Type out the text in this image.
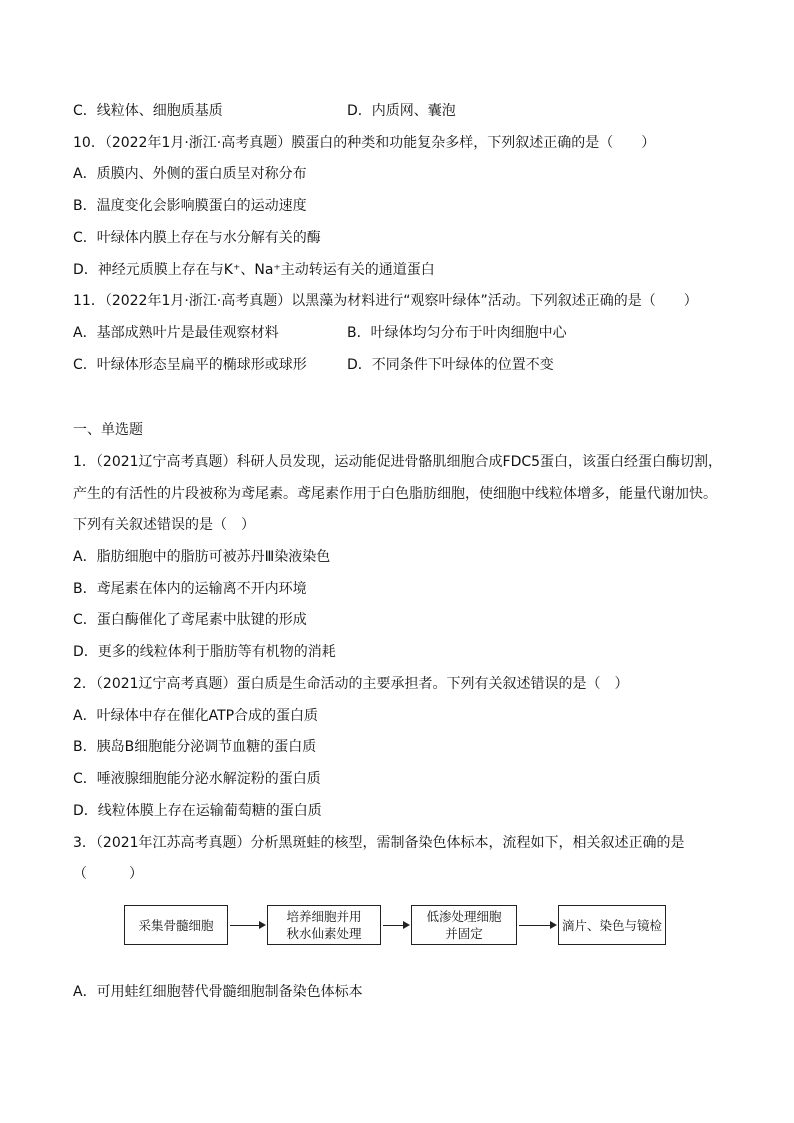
C．线粒体、细胞质基质	D．内质网、囊泡
10．（2022年1月·浙江·高考真题）膜蛋白的种类和功能复杂多样，下列叙述正确的是（　　）
A．质膜内、外侧的蛋白质呈对称分布
B．温度变化会影响膜蛋白的运动速度
C．叶绿体内膜上存在与水分解有关的酶
D．神经元质膜上存在与K⁺、Na⁺主动转运有关的通道蛋白
11．（2022年1月·浙江·高考真题）以黑藻为材料进行“观察叶绿体”活动。下列叙述正确的是（　　）
A．基部成熟叶片是最佳观察材料	B．叶绿体均匀分布于叶肉细胞中心
C．叶绿体形态呈扁平的椭球形或球形	D．不同条件下叶绿体的位置不变
一、单选题
1．（2021辽宁高考真题）科研人员发现，运动能促进骨骼肌细胞合成FDC5蛋白，该蛋白经蛋白酶切割，
产生的有活性的片段被称为鸢尾素。鸢尾素作用于白色脂肪细胞，使细胞中线粒体增多，能量代谢加快。
下列有关叙述错误的是（　）
A．脂肪细胞中的脂肪可被苏丹Ⅲ染液染色
B．鸢尾素在体内的运输离不开内环境
C．蛋白酶催化了鸢尾素中肽键的形成
D．更多的线粒体利于脂肪等有机物的消耗
2．（2021辽宁高考真题）蛋白质是生命活动的主要承担者。下列有关叙述错误的是（　）
A．叶绿体中存在催化ATP合成的蛋白质
B．胰岛B细胞能分泌调节血糖的蛋白质
C．唾液腺细胞能分泌水解淀粉的蛋白质
D．线粒体膜上存在运输葡萄糖的蛋白质
3．（2021年江苏高考真题）分析黑斑蛙的核型，需制备染色体标本，流程如下，相关叙述正确的是
（　　　）
采集骨髓细胞
培养细胞并用
秋水仙素处理
低渗处理细胞
并固定
滴片、染色与镜检
A．可用蛙红细胞替代骨髓细胞制备染色体标本
